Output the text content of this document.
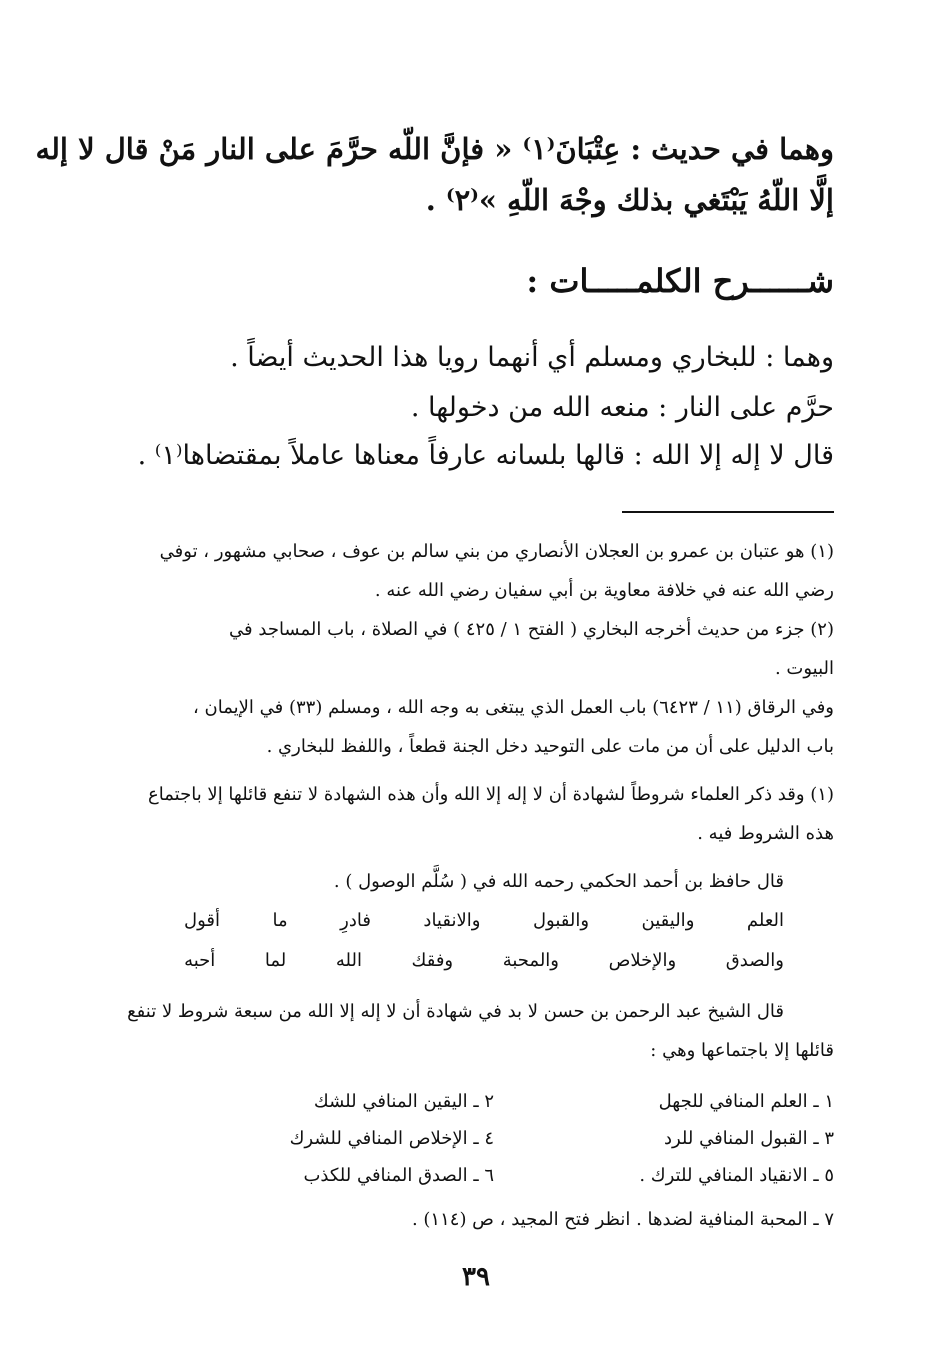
وهما في حديث : عِتْبَانَ⁽١⁾ « فإنَّ اللّه حرَّمَ على النار مَنْ قال لا إله
إلَّا اللّهُ يَبْتَغي بذلك وجْهَ اللّهِ »⁽٢⁾ .
شــــــرح الكلمـــــات :
وهما : للبخاري ومسلم أي أنهما رويا هذا الحديث أيضاً .
حرَّم على النار : منعه الله من دخولها .
قال لا إله إلا الله : قالها بلسانه عارفاً معناها عاملاً بمقتضاها⁽١⁾ .
(١) هو عتبان بن عمرو بن العجلان الأنصاري من بني سالم بن عوف ، صحابي مشهور ، توفي
رضي الله عنه في خلافة معاوية بن أبي سفيان رضي الله عنه .
(٢) جزء من حديث أخرجه البخاري ( الفتح ١ / ٤٢٥ ) في الصلاة ، باب المساجد في
البيوت .
وفي الرقاق (١١ / ٦٤٢٣) باب العمل الذي يبتغى به وجه الله ، ومسلم (٣٣) في الإيمان ،
باب الدليل على أن من مات على التوحيد دخل الجنة قطعاً ، واللفظ للبخاري .
(١) وقد ذكر العلماء شروطاً لشهادة أن لا إله إلا الله وأن هذه الشهادة لا تنفع قائلها إلا باجتماع
هذه الشروط فيه .
قال حافظ بن أحمد الحكمي رحمه الله في ( سُلَّم الوصول ) .
العلم
واليقين
والقبول
والانقياد
فادرِ
ما
أقول
والصدق
والإخلاص
والمحبة
وفقك
الله
لما
أحبه
قال الشيخ عبد الرحمن بن حسن لا بد في شهادة أن لا إله إلا الله من سبعة شروط لا تنفع
قائلها إلا باجتماعها وهي :
١ ـ العلم المنافي للجهل
٢ ـ اليقين المنافي للشك
٣ ـ القبول المنافي للرد
٤ ـ الإخلاص المنافي للشرك
٥ ـ الانقياد المنافي للترك .
٦ ـ الصدق المنافي للكذب
٧ ـ المحبة المنافية لضدها . انظر فتح المجيد ، ص (١١٤) .
٣٩
